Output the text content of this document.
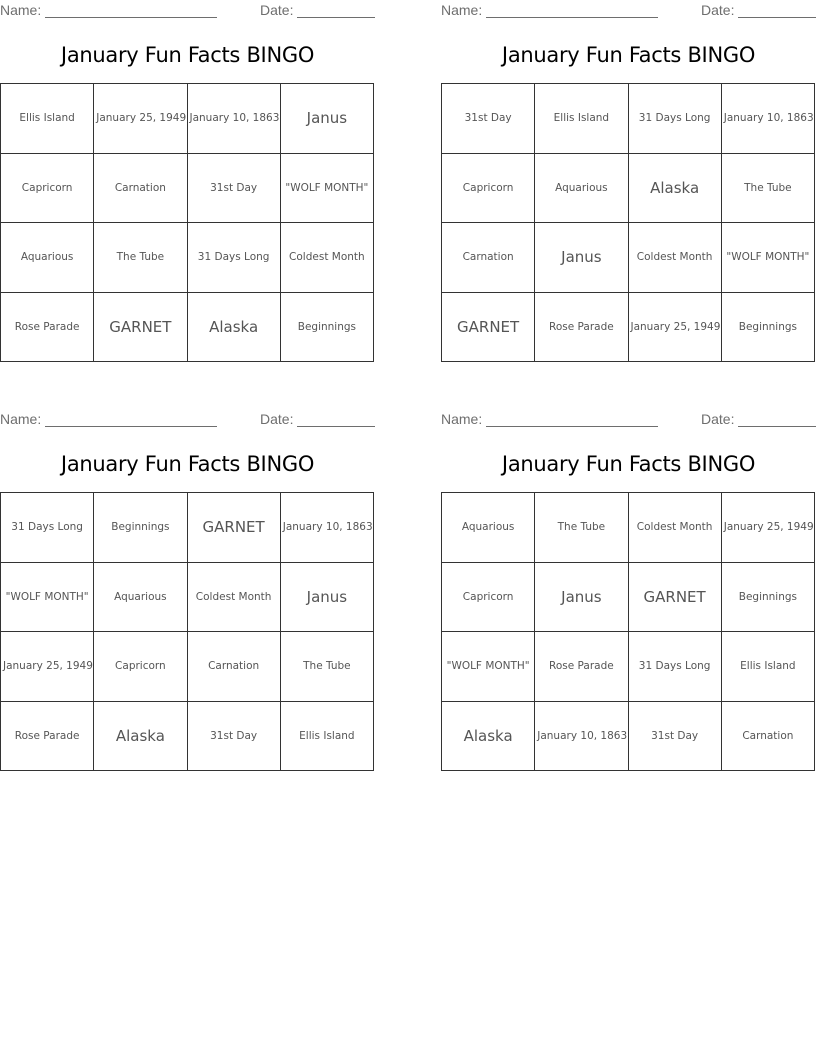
Name:	Date:
January Fun Facts BINGO
Ellis Island	January 25, 1949	January 10, 1863	Janus
Capricorn	Carnation	31st Day	"WOLF MONTH"
Aquarious	The Tube	31 Days Long	Coldest Month
Rose Parade	GARNET	Alaska	Beginnings
Name:	Date:
January Fun Facts BINGO
31st Day	Ellis Island	31 Days Long	January 10, 1863
Capricorn	Aquarious	Alaska	The Tube
Carnation	Janus	Coldest Month	"WOLF MONTH"
GARNET	Rose Parade	January 25, 1949	Beginnings
Name:	Date:
January Fun Facts BINGO
31 Days Long	Beginnings	GARNET	January 10, 1863
"WOLF MONTH"	Aquarious	Coldest Month	Janus
January 25, 1949	Capricorn	Carnation	The Tube
Rose Parade	Alaska	31st Day	Ellis Island
Name:	Date:
January Fun Facts BINGO
Aquarious	The Tube	Coldest Month	January 25, 1949
Capricorn	Janus	GARNET	Beginnings
"WOLF MONTH"	Rose Parade	31 Days Long	Ellis Island
Alaska	January 10, 1863	31st Day	Carnation
